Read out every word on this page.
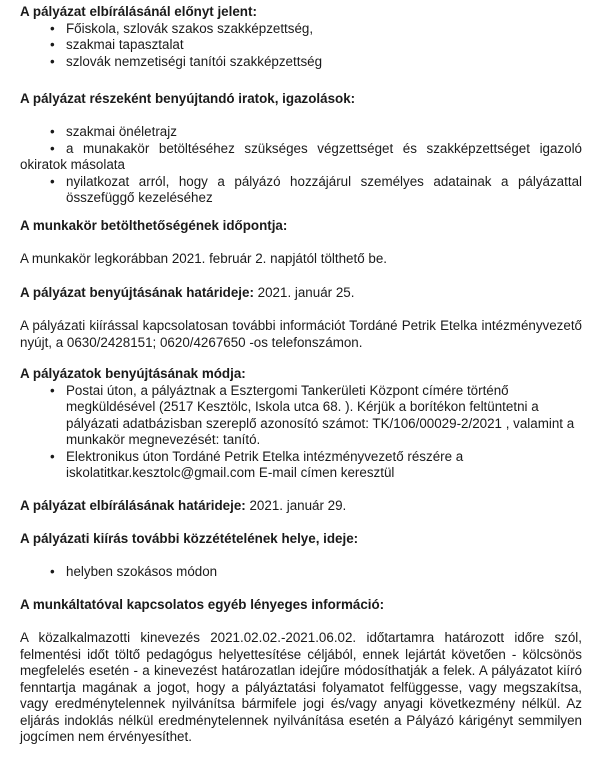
A pályázat elbírálásánál előnyt jelent:

• Főiskola, szlovák szakos szakképzettség,
• szakmai tapasztalat
• szlovák nemzetiségi tanítói szakképzettség

A pályázat részeként benyújtandó iratok, igazolások:

• szakmai önéletrajz
• a munakakör betöltéséhez szükséges végzettséget és szakképzettséget igazoló okiratok másolata
• nyilatkozat arról, hogy a pályázó hozzájárul személyes adatainak a pályázattal összefüggő kezeléséhez

A munkakör betölthetőségének időpontja:

A munkakör legkorábban 2021. február 2. napjától tölthető be.

A pályázat benyújtásának határideje: 2021. január 25.

A pályázati kiírással kapcsolatosan további információt Tordáné Petrik Etelka intézményvezető nyújt, a 0630/2428151; 0620/4267650 -os telefonszámon.

A pályázatok benyújtásának módja:

• Postai úton, a pályáztnak a Esztergomi Tankerületi Központ címére történő megküldésével (2517 Kesztölc, Iskola utca 68. ). Kérjük a borítékon feltüntetni a pályázati adatbázisban szereplő azonosító számot: TK/106/00029-2/2021 , valamint a munkakör megnevezését: tanító.
• Elektronikus úton Tordáné Petrik Etelka intézményvezető részére a iskolatitkar.kesztolc@gmail.com E-mail címen keresztül

A pályázat elbírálásának határideje: 2021. január 29.

A pályázati kiírás további közzétételének helye, ideje:

• helyben szokásos módon

A munkáltatóval kapcsolatos egyéb lényeges információ:

A közalkalmazotti kinevezés 2021.02.02.-2021.06.02. időtartamra határozott időre szól, felmentési időt töltő pedagógus helyettesítése céljából, ennek lejártát követően - kölcsönös megfelelés esetén - a kinevezést határozatlan idejűre módosíthatják a felek. A pályázatot kiíró fenntartja magának a jogot, hogy a pályáztatási folyamatot felfüggesse, vagy megszakítsa, vagy eredménytelennek nyilvánítsa bármifele jogi és/vagy anyagi következmény nélkül. Az eljárás indoklás nélkül eredménytelennek nyilvánítása esetén a Pályázó kárigényt semmilyen jogcímen nem érvényesíthet.
